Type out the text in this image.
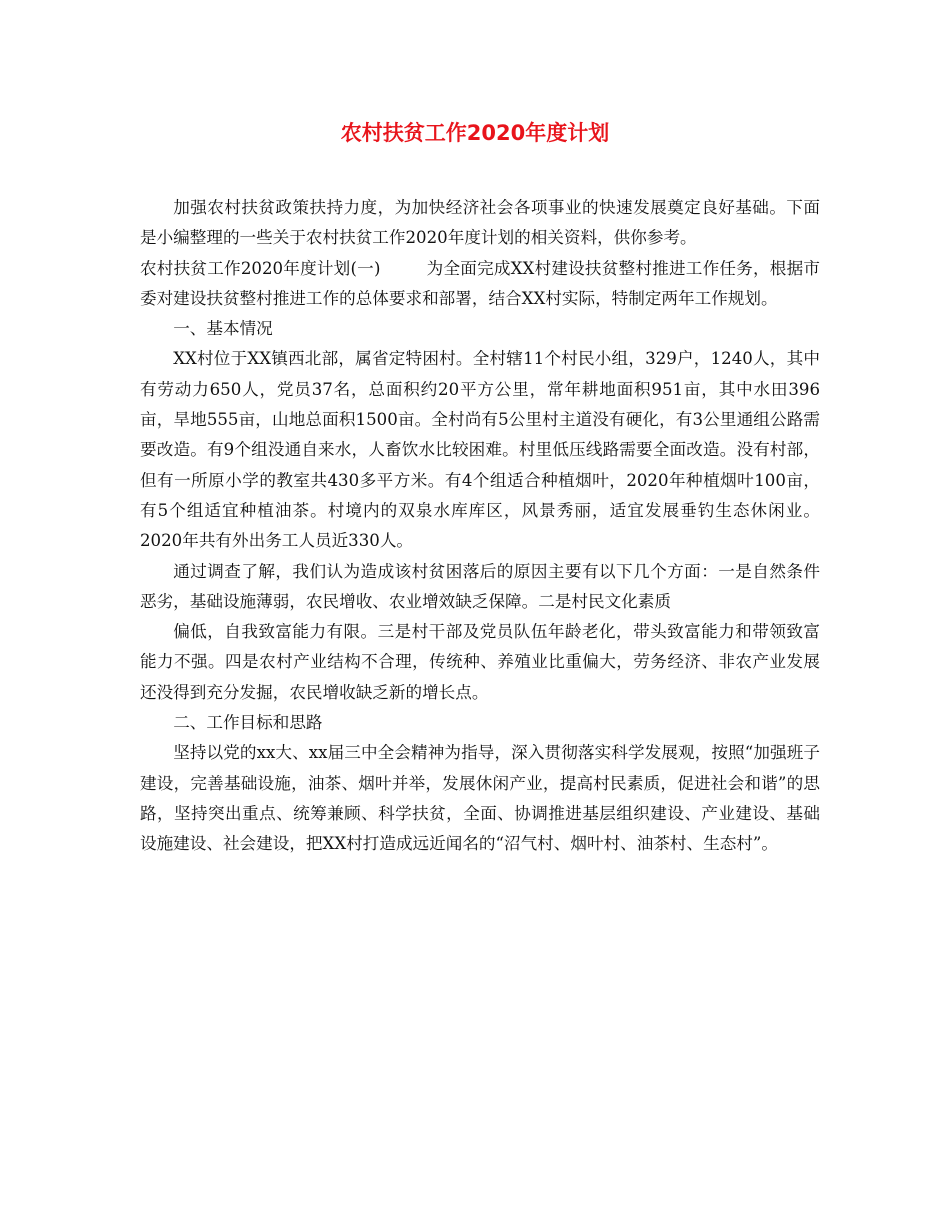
农村扶贫工作2020年度计划

加强农村扶贫政策扶持力度，为加快经济社会各项事业的快速发展奠定良好基础。下面是小编整理的一些关于农村扶贫工作2020年度计划的相关资料，供你参考。

农村扶贫工作2020年度计划(一)	为全面完成XX村建设扶贫整村推进工作任务，根据市委对建设扶贫整村推进工作的总体要求和部署，结合XX村实际，特制定两年工作规划。

一、基本情况

XX村位于XX镇西北部，属省定特困村。全村辖11个村民小组，329户，1240人，其中有劳动力650人，党员37名，总面积约20平方公里，常年耕地面积951亩，其中水田396亩，旱地555亩，山地总面积1500亩。全村尚有5公里村主道没有硬化，有3公里通组公路需要改造。有9个组没通自来水，人畜饮水比较困难。村里低压线路需要全面改造。没有村部，但有一所原小学的教室共430多平方米。有4个组适合种植烟叶，2020年种植烟叶100亩，有5个组适宜种植油茶。村境内的双泉水库库区，风景秀丽，适宜发展垂钓生态休闲业。2020年共有外出务工人员近330人。

通过调查了解，我们认为造成该村贫困落后的原因主要有以下几个方面：一是自然条件恶劣，基础设施薄弱，农民增收、农业增效缺乏保障。二是村民文化素质

偏低，自我致富能力有限。三是村干部及党员队伍年龄老化，带头致富能力和带领致富能力不强。四是农村产业结构不合理，传统种、养殖业比重偏大，劳务经济、非农产业发展还没得到充分发掘，农民增收缺乏新的增长点。

二、工作目标和思路

坚持以党的xx大、xx届三中全会精神为指导，深入贯彻落实科学发展观，按照“加强班子建设，完善基础设施，油茶、烟叶并举，发展休闲产业，提高村民素质，促进社会和谐”的思路，坚持突出重点、统筹兼顾、科学扶贫，全面、协调推进基层组织建设、产业建设、基础设施建设、社会建设，把XX村打造成远近闻名的“沼气村、烟叶村、油茶村、生态村”。
